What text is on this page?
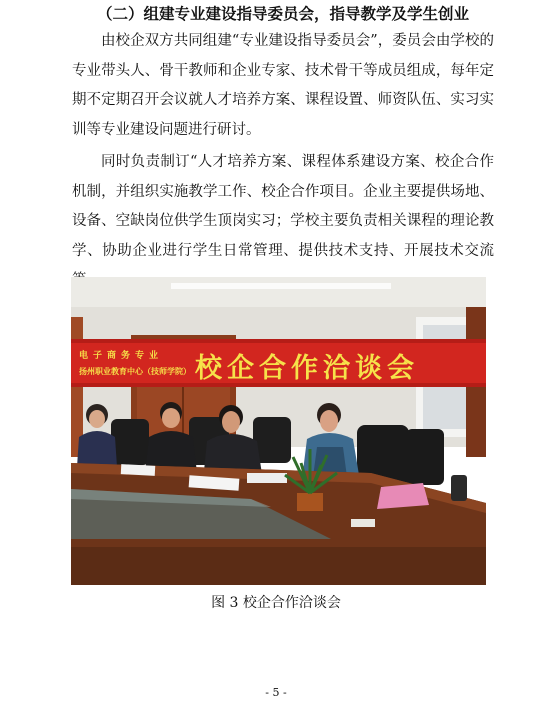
（二）组建专业建设指导委员会，指导教学及学生创业

由校企双方共同组建“专业建设指导委员会”，委员会由学校的专业带头人、骨干教师和企业专家、技术骨干等成员组成，每年定期不定期召开会议就人才培养方案、课程设置、师资队伍、实习实训等专业建设问题进行研讨。

同时负责制订“人才培养方案、课程体系建设方案、校企合作机制，并组织实施教学工作、校企合作项目。企业主要提供场地、设备、空缺岗位供学生顶岗实习；学校主要负责相关课程的理论教学、协助企业进行学生日常管理、提供技术支持、开展技术交流

电子商务专业
扬州职业教育中心（技师学院） 校企合作洽谈会
图 3 校企合作洽谈会
- 5 -
